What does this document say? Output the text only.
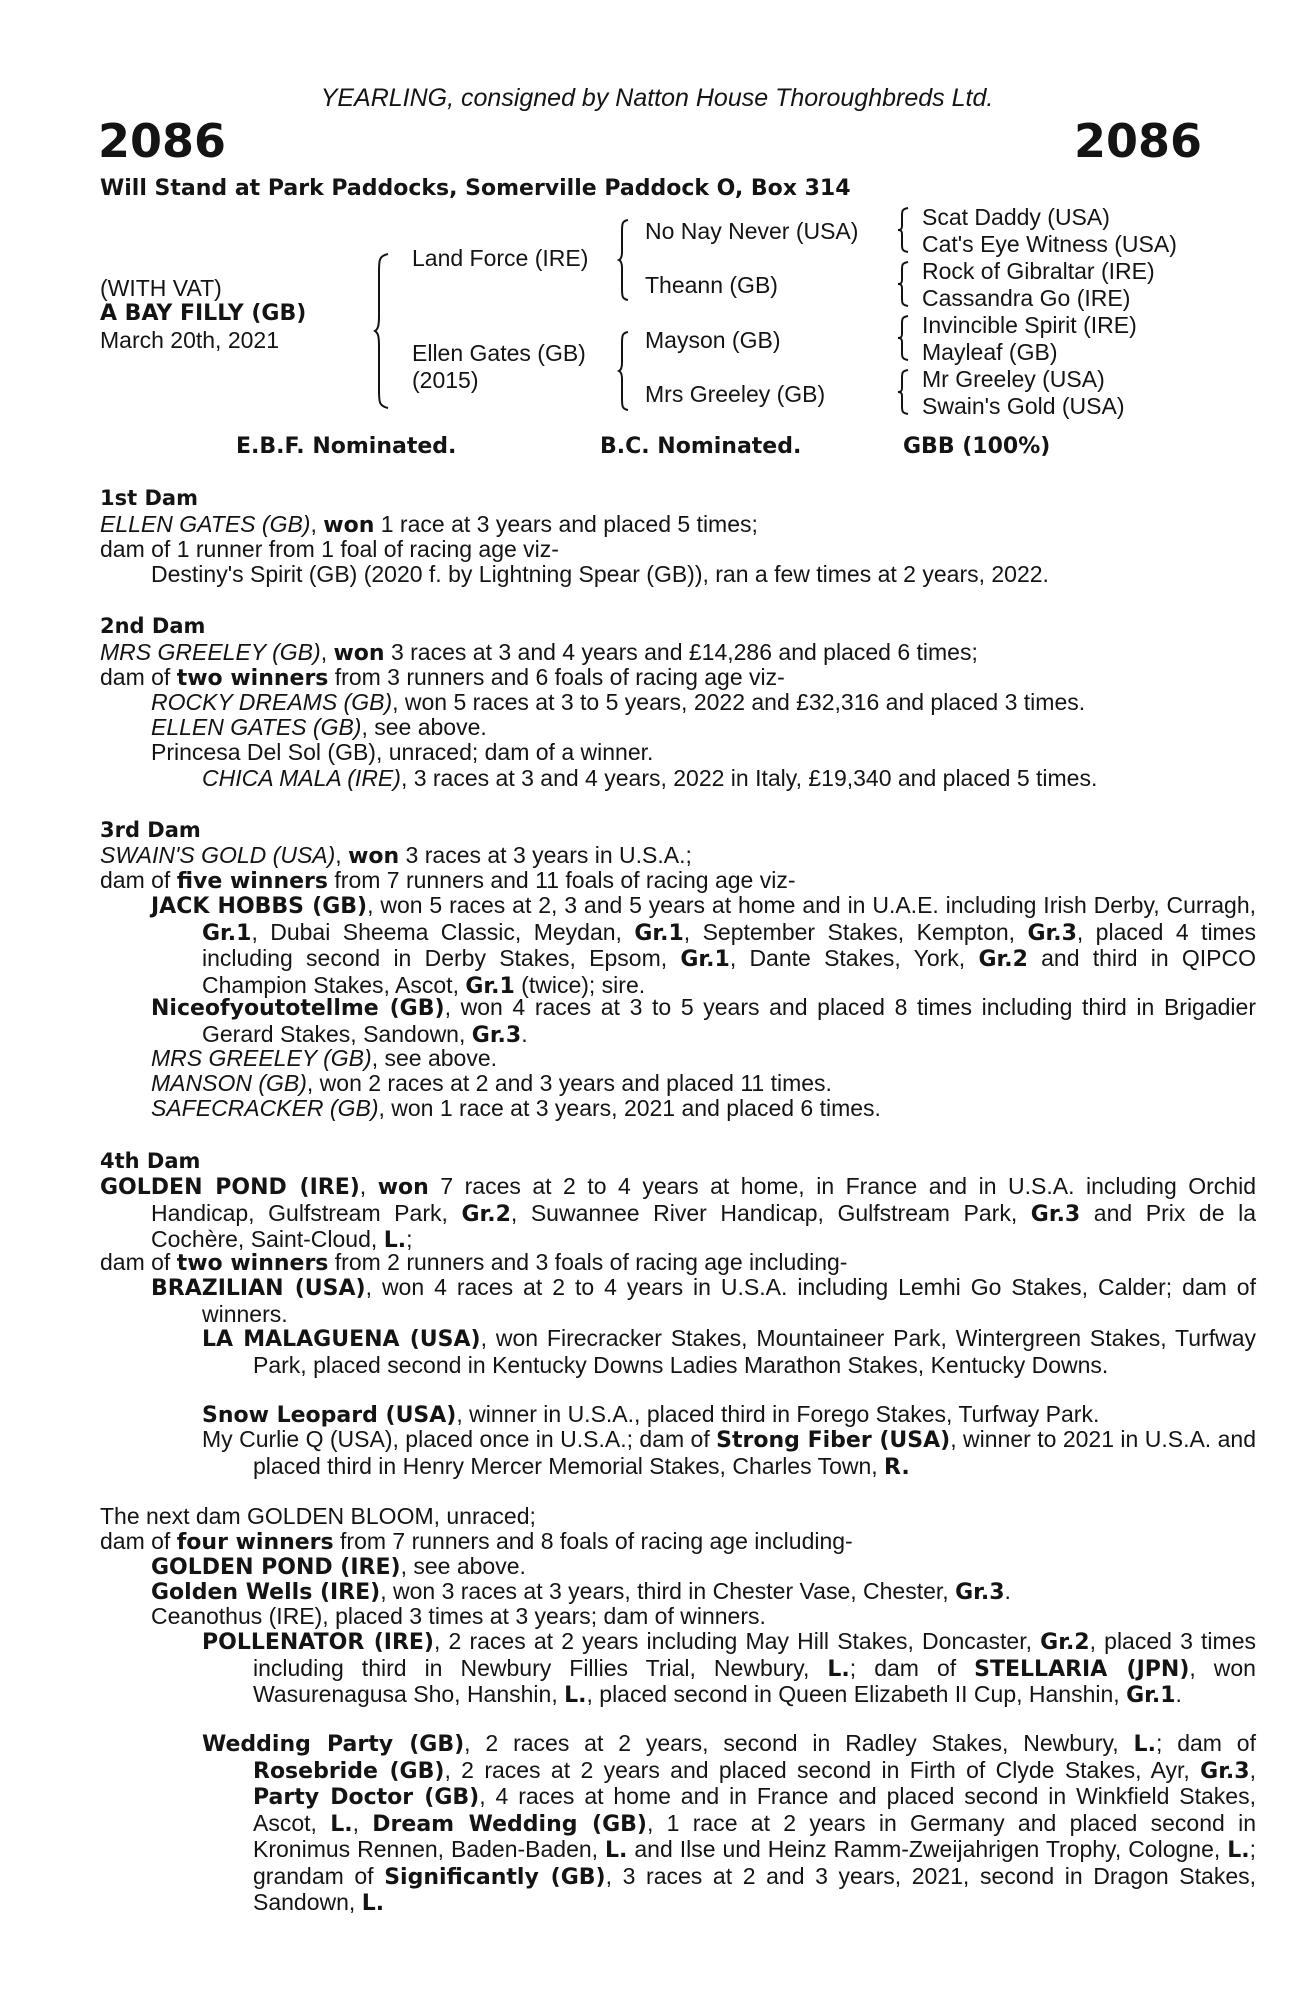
YEARLING, consigned by Natton House Thoroughbreds Ltd.
2086	2086
Will Stand at Park Paddocks, Somerville Paddock O, Box 314
(WITH VAT)
A BAY FILLY (GB)
March 20th, 2021
Land Force (IRE)
Ellen Gates (GB)
(2015)
No Nay Never (USA)
Theann (GB)
Mayson (GB)
Mrs Greeley (GB)
Scat Daddy (USA)
Cat's Eye Witness (USA)
Rock of Gibraltar (IRE)
Cassandra Go (IRE)
Invincible Spirit (IRE)
Mayleaf (GB)
Mr Greeley (USA)
Swain's Gold (USA)
E.B.F. Nominated.	B.C. Nominated.	GBB (100%)
1st Dam
ELLEN GATES (GB), won 1 race at 3 years and placed 5 times;
dam of 1 runner from 1 foal of racing age viz-
Destiny's Spirit (GB) (2020 f. by Lightning Spear (GB)), ran a few times at 2 years, 2022.
2nd Dam
MRS GREELEY (GB), won 3 races at 3 and 4 years and £14,286 and placed 6 times;
dam of two winners from 3 runners and 6 foals of racing age viz-
ROCKY DREAMS (GB), won 5 races at 3 to 5 years, 2022 and £32,316 and placed 3 times.
ELLEN GATES (GB), see above.
Princesa Del Sol (GB), unraced; dam of a winner.
CHICA MALA (IRE), 3 races at 3 and 4 years, 2022 in Italy, £19,340 and placed 5 times.
3rd Dam
SWAIN'S GOLD (USA), won 3 races at 3 years in U.S.A.;
dam of five winners from 7 runners and 11 foals of racing age viz-
JACK HOBBS (GB), won 5 races at 2, 3 and 5 years at home and in U.A.E. including Irish Derby, Curragh, Gr.1, Dubai Sheema Classic, Meydan, Gr.1, September Stakes, Kempton, Gr.3, placed 4 times including second in Derby Stakes, Epsom, Gr.1, Dante Stakes, York, Gr.2 and third in QIPCO Champion Stakes, Ascot, Gr.1 (twice); sire.
Niceofyoutotellme (GB), won 4 races at 3 to 5 years and placed 8 times including third in Brigadier Gerard Stakes, Sandown, Gr.3.
MRS GREELEY (GB), see above.
MANSON (GB), won 2 races at 2 and 3 years and placed 11 times.
SAFECRACKER (GB), won 1 race at 3 years, 2021 and placed 6 times.
4th Dam
GOLDEN POND (IRE), won 7 races at 2 to 4 years at home, in France and in U.S.A. including Orchid Handicap, Gulfstream Park, Gr.2, Suwannee River Handicap, Gulfstream Park, Gr.3 and Prix de la Cochère, Saint-Cloud, L.;
dam of two winners from 2 runners and 3 foals of racing age including-
BRAZILIAN (USA), won 4 races at 2 to 4 years in U.S.A. including Lemhi Go Stakes, Calder; dam of winners.
LA MALAGUENA (USA), won Firecracker Stakes, Mountaineer Park, Wintergreen Stakes, Turfway Park, placed second in Kentucky Downs Ladies Marathon Stakes, Kentucky Downs.
Snow Leopard (USA), winner in U.S.A., placed third in Forego Stakes, Turfway Park.
My Curlie Q (USA), placed once in U.S.A.; dam of Strong Fiber (USA), winner to 2021 in U.S.A. and placed third in Henry Mercer Memorial Stakes, Charles Town, R.
The next dam GOLDEN BLOOM, unraced;
dam of four winners from 7 runners and 8 foals of racing age including-
GOLDEN POND (IRE), see above.
Golden Wells (IRE), won 3 races at 3 years, third in Chester Vase, Chester, Gr.3.
Ceanothus (IRE), placed 3 times at 3 years; dam of winners.
POLLENATOR (IRE), 2 races at 2 years including May Hill Stakes, Doncaster, Gr.2, placed 3 times including third in Newbury Fillies Trial, Newbury, L.; dam of STELLARIA (JPN), won Wasurenagusa Sho, Hanshin, L., placed second in Queen Elizabeth II Cup, Hanshin, Gr.1.
Wedding Party (GB), 2 races at 2 years, second in Radley Stakes, Newbury, L.; dam of Rosebride (GB), 2 races at 2 years and placed second in Firth of Clyde Stakes, Ayr, Gr.3, Party Doctor (GB), 4 races at home and in France and placed second in Winkfield Stakes, Ascot, L., Dream Wedding (GB), 1 race at 2 years in Germany and placed second in Kronimus Rennen, Baden-Baden, L. and Ilse und Heinz Ramm-Zweijahrigen Trophy, Cologne, L.; grandam of Significantly (GB), 3 races at 2 and 3 years, 2021, second in Dragon Stakes, Sandown, L.
